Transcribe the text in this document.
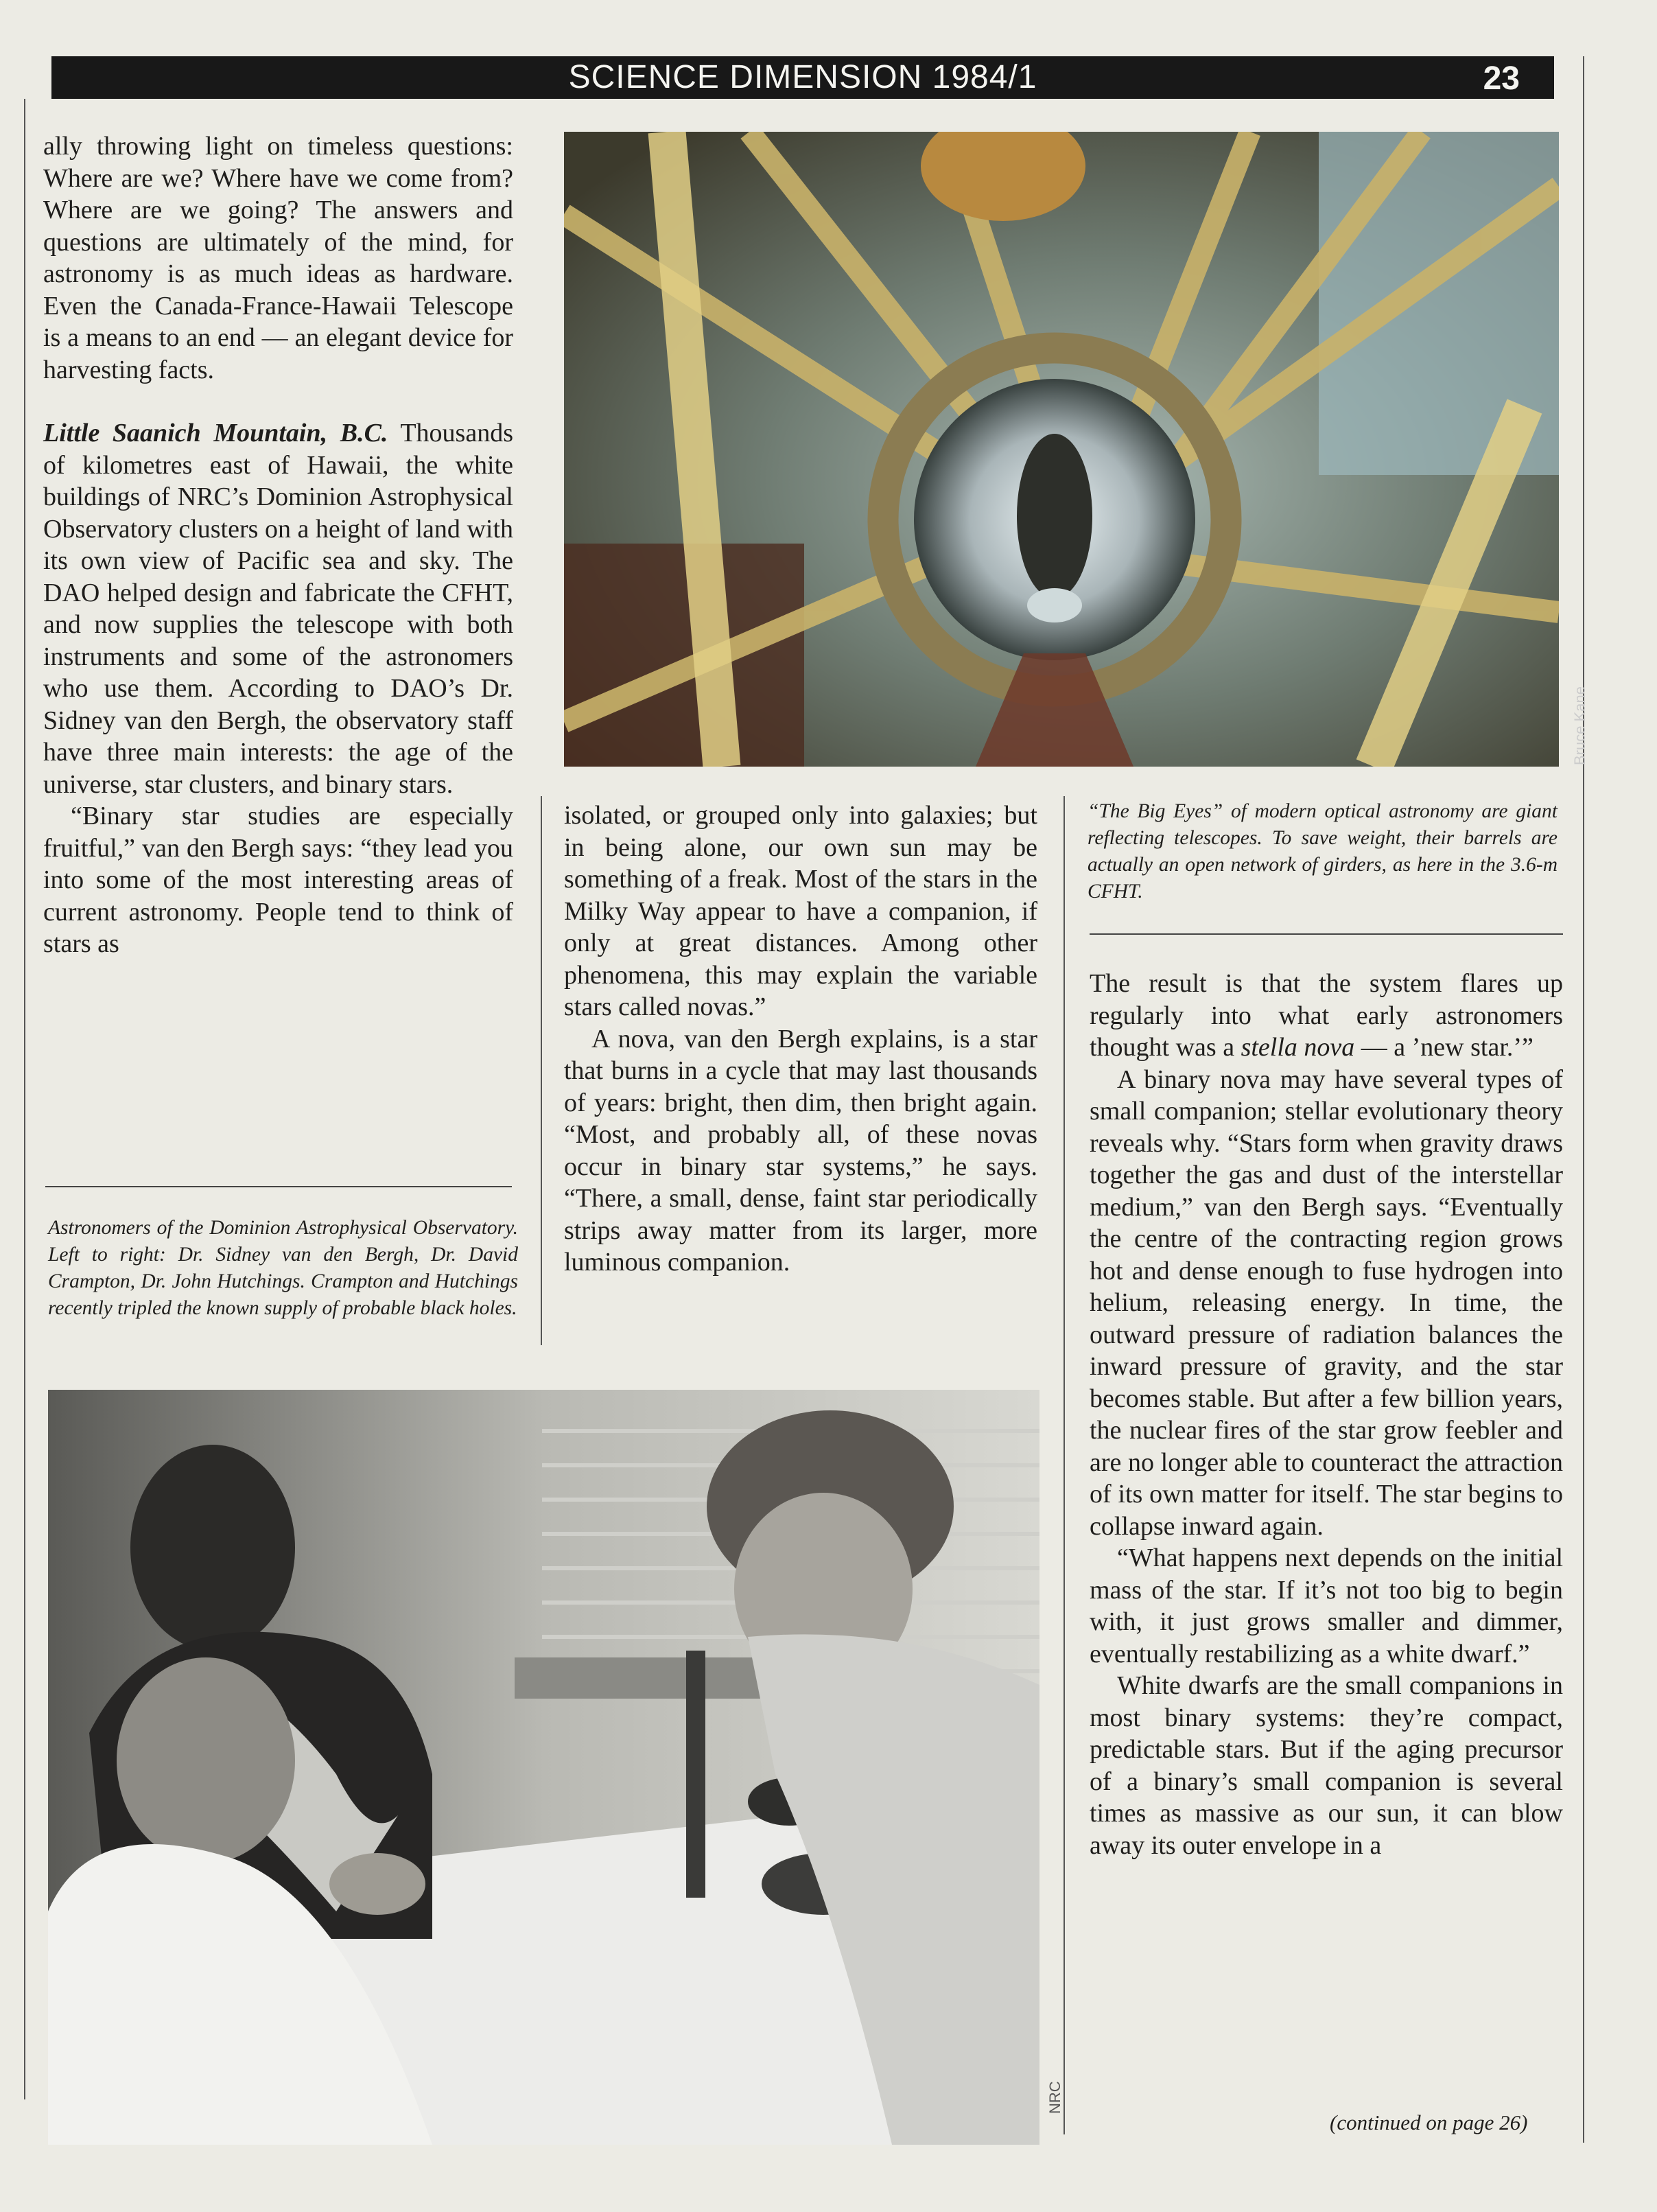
SCIENCE DIMENSION 1984/1	23

ally throwing light on timeless questions: Where are we? Where have we come from? Where are we going? The answers and questions are ultimately of the mind, for astronomy is as much ideas as hardware. Even the Canada-France-Hawaii Telescope is a means to an end — an elegant device for harvesting facts.

Little Saanich Mountain, B.C. Thousands of kilometres east of Hawaii, the white buildings of NRC’s Dominion Astrophysical Observatory clusters on a height of land with its own view of Pacific sea and sky. The DAO helped design and fabricate the CFHT, and now supplies the telescope with both instruments and some of the astronomers who use them. According to DAO’s Dr. Sidney van den Bergh, the observatory staff have three main interests: the age of the universe, star clusters, and binary stars.

“Binary star studies are especially fruitful,” van den Bergh says: “they lead you into some of the most interesting areas of current astronomy. People tend to think of stars as

Astronomers of the Dominion Astrophysical Observatory. Left to right: Dr. Sidney van den Bergh, Dr. David Crampton, Dr. John Hutchings. Crampton and Hutchings recently tripled the known supply of probable black holes.
Bruce Kane

isolated, or grouped only into galaxies; but in being alone, our own sun may be something of a freak. Most of the stars in the Milky Way appear to have a companion, if only at great distances. Among other phenomena, this may explain the variable stars called novas.”

A nova, van den Bergh explains, is a star that burns in a cycle that may last thousands of years: bright, then dim, then bright again. “Most, and probably all, of these novas occur in binary star systems,” he says. “There, a small, dense, faint star periodically strips away matter from its larger, more luminous companion.

“The Big Eyes” of modern optical astronomy are giant reflecting telescopes. To save weight, their barrels are actually an open network of girders, as here in the 3.6-m CFHT.

The result is that the system flares up regularly into what early astronomers thought was a stella nova — a ’new star.’”

A binary nova may have several types of small companion; stellar evolutionary theory reveals why. “Stars form when gravity draws together the gas and dust of the interstellar medium,” van den Bergh says. “Eventually the centre of the contracting region grows hot and dense enough to fuse hydrogen into helium, releasing energy. In time, the outward pressure of radiation balances the inward pressure of gravity, and the star becomes stable. But after a few billion years, the nuclear fires of the star grow feebler and are no longer able to counteract the attraction of its own matter for itself. The star begins to collapse inward again.

“What happens next depends on the initial mass of the star. If it’s not too big to begin with, it just grows smaller and dimmer, eventually restabilizing as a white dwarf.”

White dwarfs are the small companions in most binary systems: they’re compact, predictable stars. But if the aging precursor of a binary’s small companion is several times as massive as our sun, it can blow away its outer envelope in a

(continued on page 26)
NRC
